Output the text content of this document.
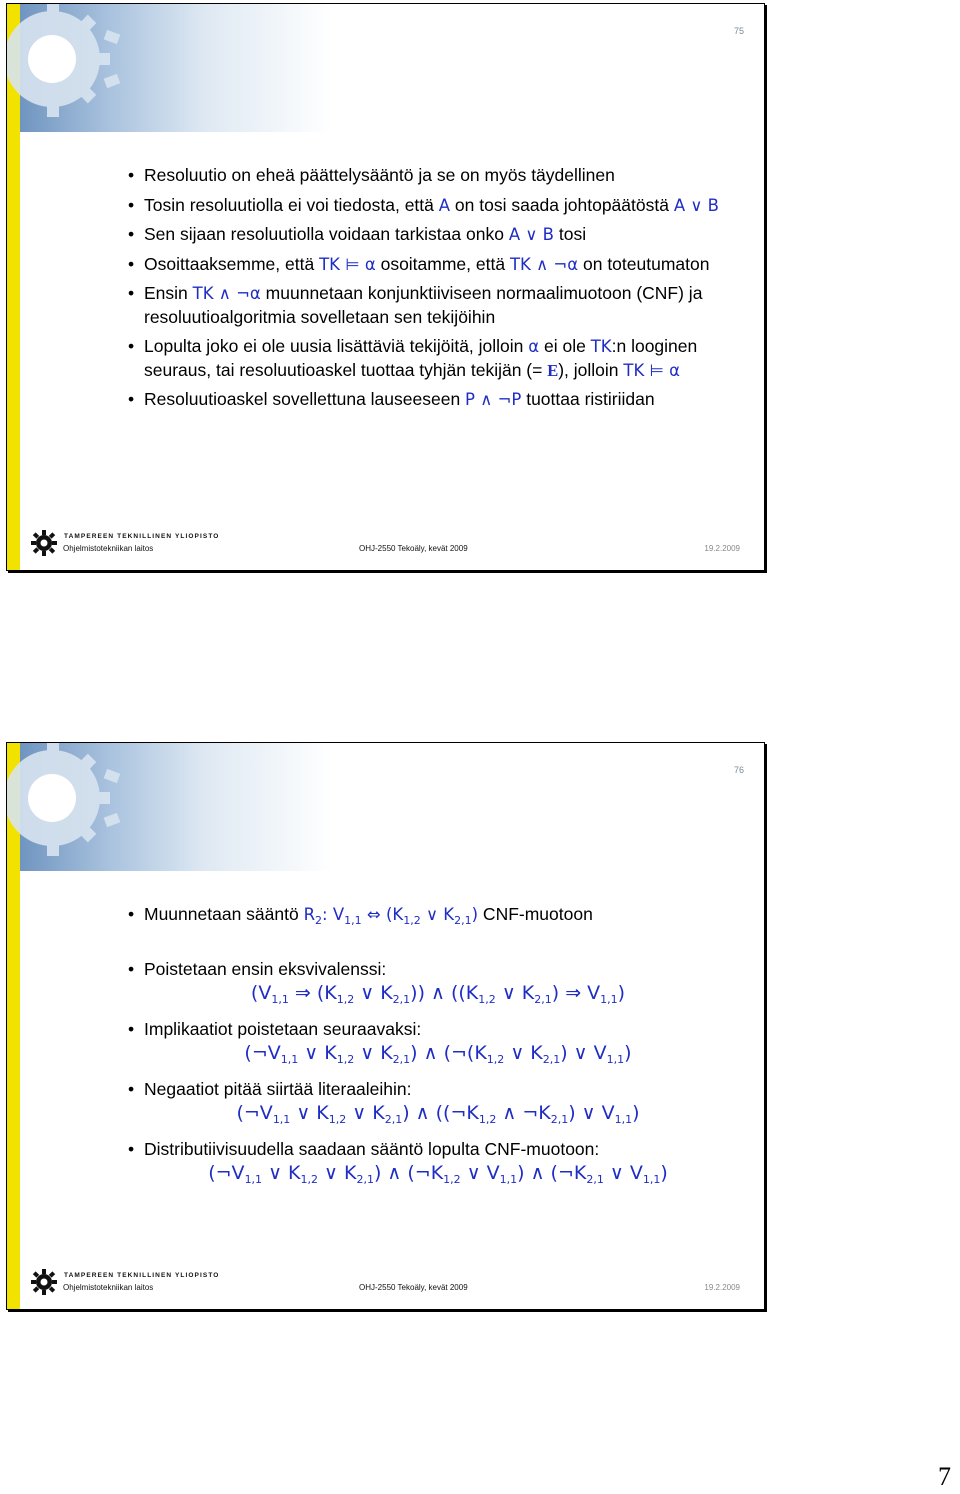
75
• Resoluutio on eheä päättelysääntö ja se on myös täydellinen
• Tosin resoluutiolla ei voi tiedosta, että A on tosi saada johtopäätöstä A ∨ B
• Sen sijaan resoluutiolla voidaan tarkistaa onko A ∨ B tosi
• Osoittaaksemme, että TK ⊨ α osoitamme, että TK ∧ ¬α on toteutumaton
• Ensin TK ∧ ¬α muunnetaan konjunktiiviseen normaalimuotoon (CNF) ja resoluutioalgoritmia sovelletaan sen tekijöihin
• Lopulta joko ei ole uusia lisättäviä tekijöitä, jolloin α ei ole TK:n looginen seuraus, tai resoluutioaskel tuottaa tyhjän tekijän (= E), jolloin TK ⊨ α
• Resoluutioaskel sovellettuna lauseeseen P ∧ ¬P tuottaa ristiriidan
TAMPEREEN TEKNILLINEN YLIOPISTO
Ohjelmistotekniikan laitos	OHJ-2550 Tekoäly, kevät 2009	19.2.2009
76
• Muunnetaan sääntö $R_2$: $V_{1,1}$ ⇔ ($K_{1,2}$ ∨ $K_{2,1}$) CNF-muotoon
• Poistetaan ensin eksvivalenssi:
($V_{1,1}$ ⇒ ($K_{1,2}$ ∨ $K_{2,1}$)) ∧ (($K_{1,2}$ ∨ $K_{2,1}$) ⇒ $V_{1,1}$)
• Implikaatiot poistetaan seuraavaksi:
($\neg V_{1,1}$ ∨ $K_{1,2}$ ∨ $K_{2,1}$) ∧ ($\neg(K_{1,2}$ ∨ $K_{2,1}$) ∨ $V_{1,1}$)
• Negaatiot pitää siirtää literaaleihin:
($\neg V_{1,1}$ ∨ $K_{1,2}$ ∨ $K_{2,1}$) ∧ (($\neg K_{1,2}$ ∧ $\neg K_{2,1}$) ∨ $V_{1,1}$)
• Distributiivisuudella saadaan sääntö lopulta CNF-muotoon:
($\neg V_{1,1}$ ∨ $K_{1,2}$ ∨ $K_{2,1}$) ∧ ($\neg K_{1,2}$ ∨ $V_{1,1}$) ∧ ($\neg K_{2,1}$ ∨ $V_{1,1}$)
TAMPEREEN TEKNILLINEN YLIOPISTO
Ohjelmistotekniikan laitos	OHJ-2550 Tekoäly, kevät 2009	19.2.2009
7
